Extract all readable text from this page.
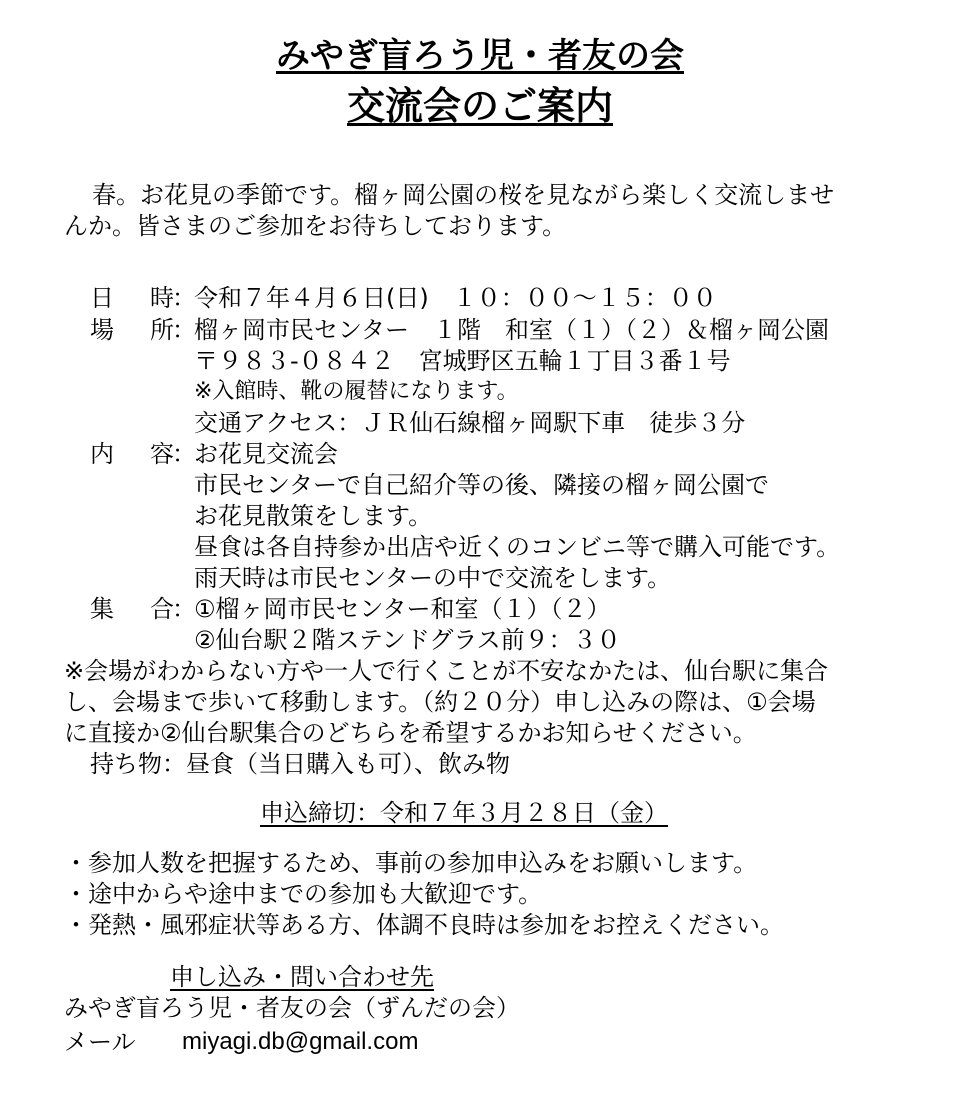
みやぎ盲ろう児・者友の会
交流会のご案内
春。お花見の季節です。榴ヶ岡公園の桜を見ながら楽しく交流しませ
んか。皆さまのご参加をお待ちしております。
日 時
：
令和７年４月６日(日)　１０：００〜１５：００
場 所
：
榴ヶ岡市民センター　１階　和室（１）（２）＆榴ヶ岡公園
〒９８３-０８４２　宮城野区五輪１丁目３番１号
※入館時、靴の履替になります。
交通アクセス：ＪＲ仙石線榴ヶ岡駅下車　徒歩３分
内 容
：
お花見交流会
市民センターで自己紹介等の後、隣接の榴ヶ岡公園で
お花見散策をします。
昼食は各自持参か出店や近くのコンビニ等で購入可能です。
雨天時は市民センターの中で交流をします。
集 合
：
①榴ヶ岡市民センター和室（１）（２）
②仙台駅２階ステンドグラス前９：３０
※会場がわからない方や一人で行くことが不安なかたは、仙台駅に集合
し、会場まで歩いて移動します。（約２０分）申し込みの際は、①会場
に直接か②仙台駅集合のどちらを希望するかお知らせください。
持ち物：昼食（当日購入も可）、飲み物
申込締切：令和７年３月２８日（金）
・参加人数を把握するため、事前の参加申込みをお願いします。
・途中からや途中までの参加も大歓迎です。
・発熱・風邪症状等ある方、体調不良時は参加をお控えください。
申し込み・問い合わせ先
みやぎ盲ろう児・者友の会（ずんだの会）
メール miyagi.db@gmail.com
